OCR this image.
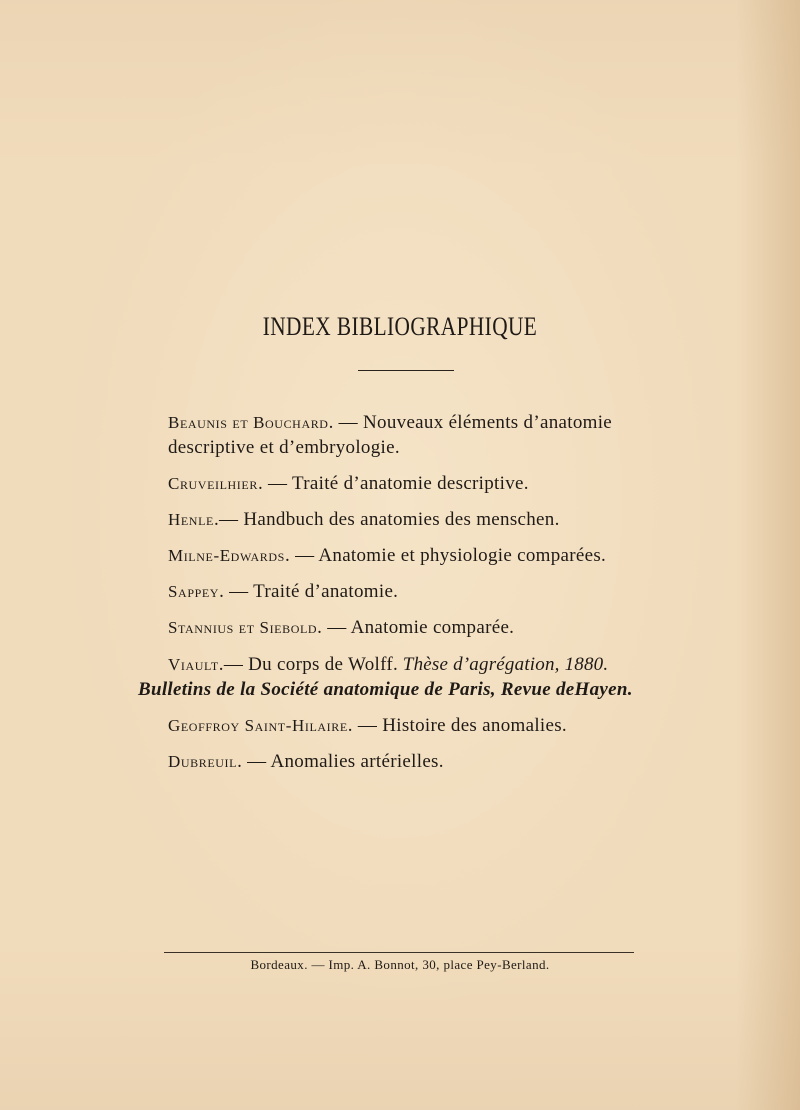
INDEX BIBLIOGRAPHIQUE
Beaunis et Bouchard. — Nouveaux éléments d’anatomie descriptive et d’embryologie.
Cruveilhier. — Traité d’anatomie descriptive.
Henle.— Handbuch des anatomies des menschen.
Milne-Edwards. — Anatomie et physiologie comparées.
Sappey. — Traité d’anatomie.
Stannius et Siebold. — Anatomie comparée.
Viault.— Du corps de Wolff. Thèse d’agrégation, 1880.
Bulletins de la Société anatomique de Paris, Revue deHayen.
Geoffroy Saint-Hilaire. — Histoire des anomalies.
Dubreuil. — Anomalies artérielles.
Bordeaux. — Imp. A. Bonnot, 30, place Pey-Berland.
